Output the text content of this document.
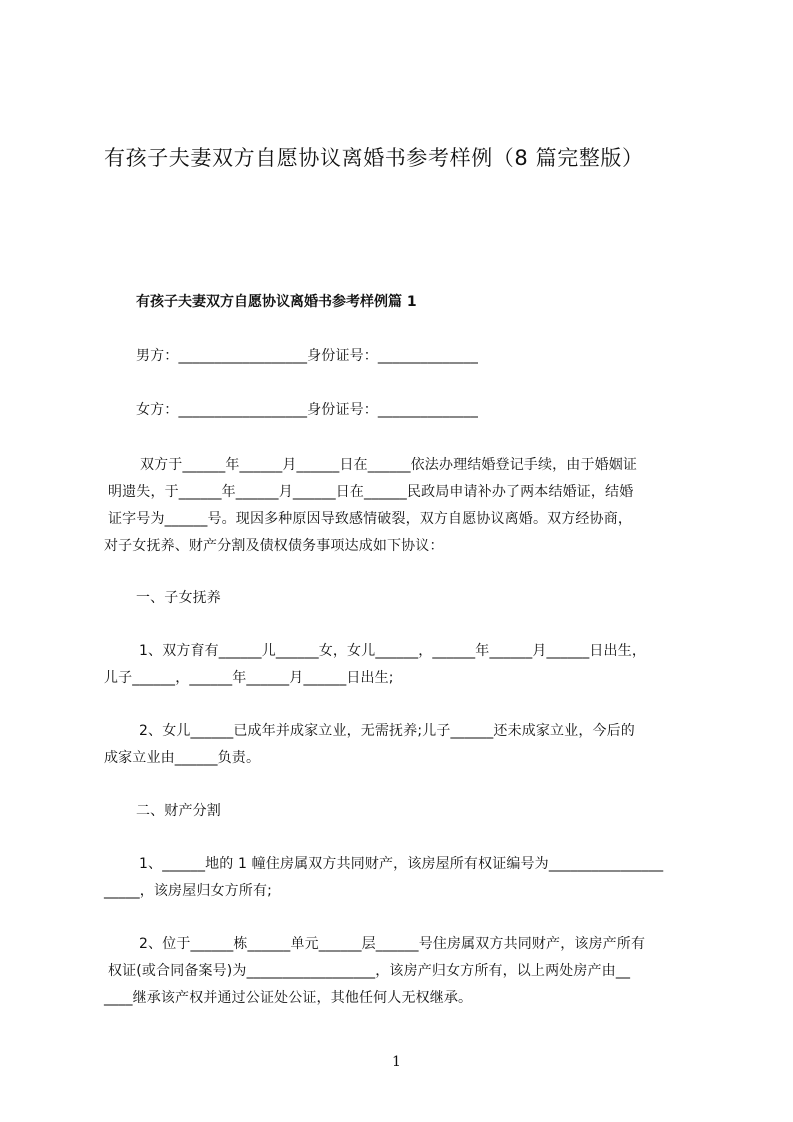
有孩子夫妻双方自愿协议离婚书参考样例（8 篇完整版）
有孩子夫妻双方自愿协议离婚书参考样例篇 1
男方：__________________身份证号：______________
女方：__________________身份证号：______________
双方于______年______月______日在______依法办理结婚登记手续，由于婚姻证
明遗失，于______年______月______日在______民政局申请补办了两本结婚证，结婚
证字号为______号。现因多种原因导致感情破裂，双方自愿协议离婚。双方经协商，
对子女抚养、财产分割及债权债务事项达成如下协议：
一、子女抚养
1、双方育有______儿______女，女儿______，______年______月______日出生，
儿子______，______年______月______日出生;
2、女儿______已成年并成家立业，无需抚养;儿子______还未成家立业，今后的
成家立业由______负责。
二、财产分割
1、______地的 1 幢住房属双方共同财产，该房屋所有权证编号为________________
_____，该房屋归女方所有;
2、位于______栋______单元______层______号住房属双方共同财产，该房产所有
权证(或合同备案号)为__________________，该房产归女方所有，以上两处房产由__
____继承该产权并通过公证处公证，其他任何人无权继承。
1
